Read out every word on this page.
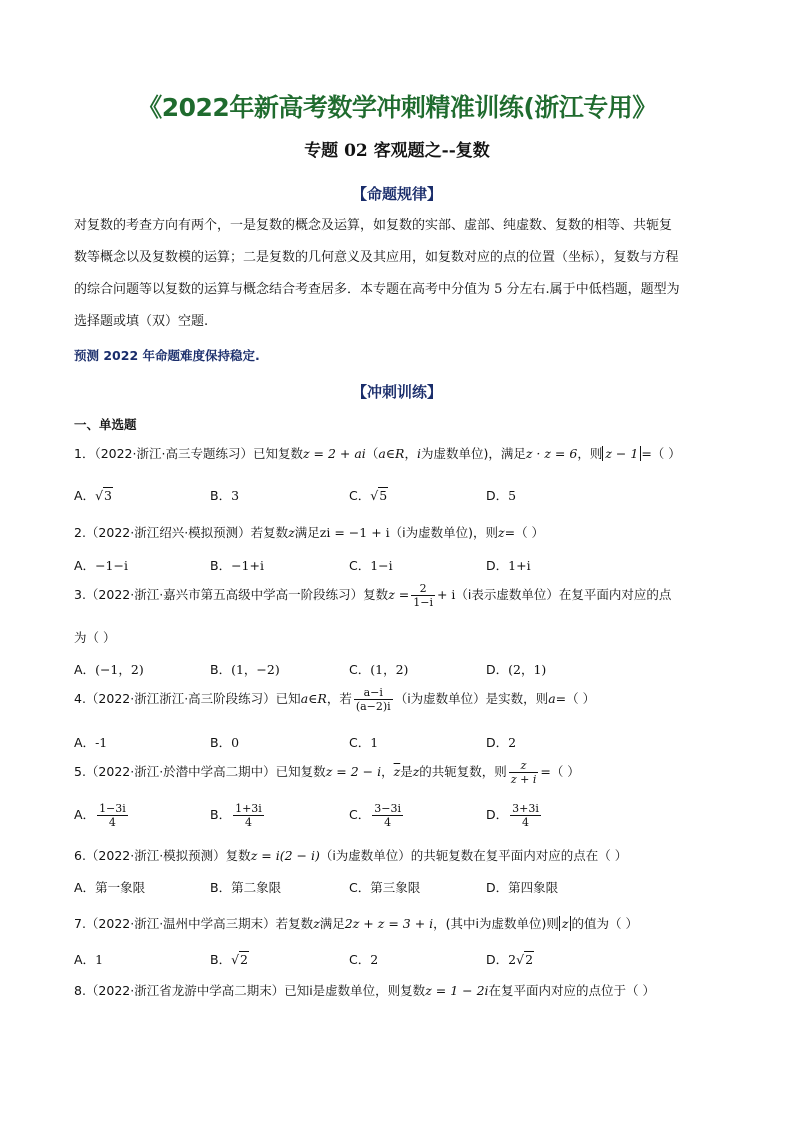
《2022年新高考数学冲刺精准训练(浙江专用》
专题 02 客观题之--复数
【命题规律】
对复数的考查方向有两个，一是复数的概念及运算，如复数的实部、虚部、纯虚数、复数的相等、共轭复
数等概念以及复数模的运算；二是复数的几何意义及其应用，如复数对应的点的位置（坐标），复数与方程
的综合问题等以复数的运算与概念结合考查居多．本专题在高考中分值为 5 分左右.属于中低档题，题型为
选择题或填（双）空题.
预测 2022 年命题难度保持稳定.
【冲刺训练】
一、单选题
1．（2022·浙江·高三专题练习）已知复数z = 2 + ai（a∈R，i为虚数单位)，满足z · z = 6，则 z − 1 =（ ）
A．√3	B．3	C．√5	D．5
2.（2022·浙江绍兴·模拟预测）若复数z满足zi = −1 + i（i为虚数单位)，则z=（ ）
A．−1−i	B．−1+i	C．1−i	D．1+i
3.（2022·浙江·嘉兴市第五高级中学高一阶段练习）复数$z = \frac{2}{1-i} + i(i$表示虚数单位）在复平面内对应的点
为（ ）
A．(−1，2)	B．(1，−2)	C．(1，2)	D．(2，1)
4.（2022·浙江浙江·高三阶段练习）已知a∈R，若 $\frac{a-i}{(a-2)i} (i$为虚数单位）是实数，则a=（ ）
A．-1	B．0	C．1	D．2
5.（2022·浙江·於潜中学高二期中）已知复数z = 2 − i，$\overline{z}$是z的共轭复数，则 $\frac{z}{z + i}$ =（ ）
A． $\frac{1-3i}{4}$	B． $\frac{1+3i}{4}$	C． $\frac{3-3i}{4}$	D． $\frac{3+3i}{4}$
6.（2022·浙江·模拟预测）复数z = i(2 − i)（i为虚数单位）的共轭复数在复平面内对应的点在（ ）
A．第一象限	B．第二象限	C．第三象限	D．第四象限
7.（2022·浙江·温州中学高三期末）若复数z满足2z + z = 3 + i，(其中i为虚数单位)则 z 的值为（ ）
A．1	B．√2	C．2	D．2√2
8.（2022·浙江省龙游中学高二期末）已知i是虚数单位，则复数z = 1 − 2i在复平面内对应的点位于（ ）
